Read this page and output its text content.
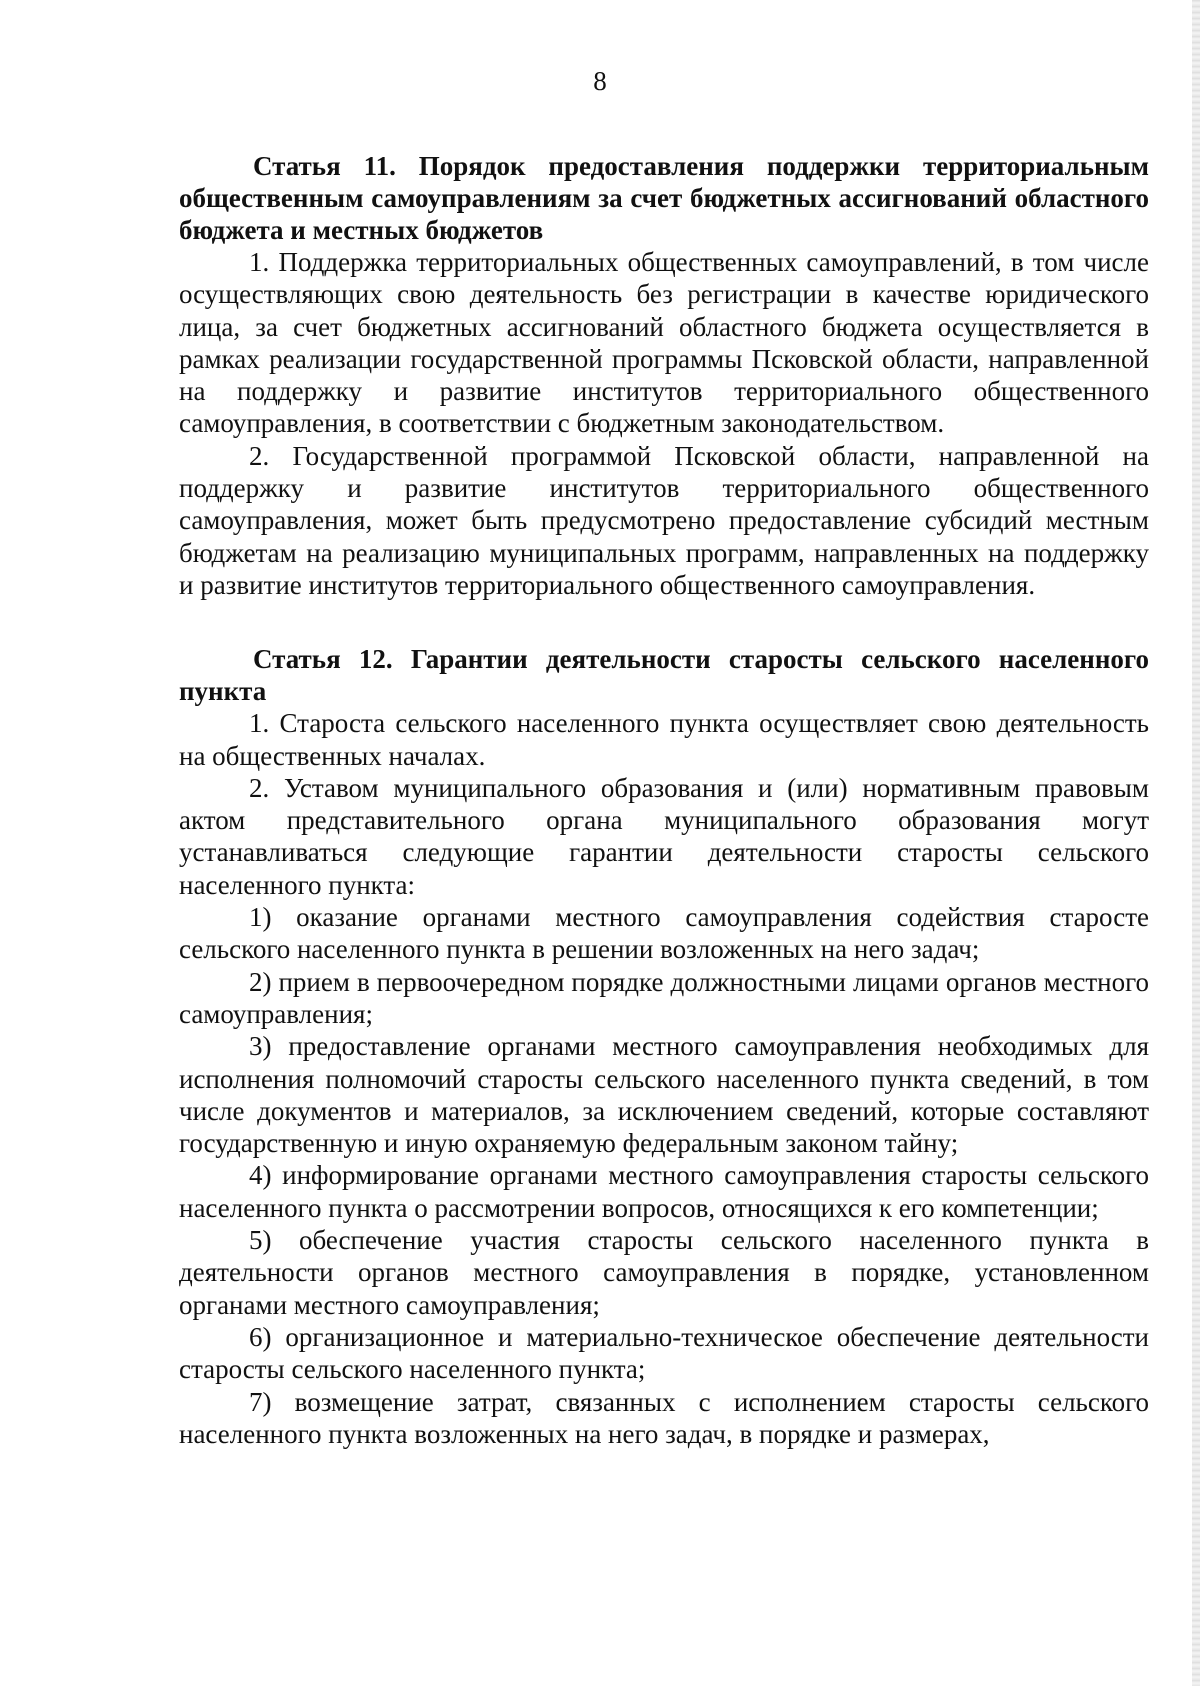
8
Статья 11. Порядок предоставления поддержки территориальным общественным самоуправлениям за счет бюджетных ассигнований областного бюджета и местных бюджетов

1. Поддержка территориальных общественных самоуправлений, в том числе осуществляющих свою деятельность без регистрации в качестве юридического лица, за счет бюджетных ассигнований областного бюджета осуществляется в рамках реализации государственной программы Псковской области, направленной на поддержку и развитие институтов территориального общественного самоуправления, в соответствии с бюджетным законодательством.

2. Государственной программой Псковской области, направленной на поддержку и развитие институтов территориального общественного самоуправления, может быть предусмотрено предоставление субсидий местным бюджетам на реализацию муниципальных программ, направленных на поддержку и развитие институтов территориального общественного самоуправления.

Статья 12. Гарантии деятельности старосты сельского населенного пункта

1. Староста сельского населенного пункта осуществляет свою деятельность на общественных началах.

2. Уставом муниципального образования и (или) нормативным правовым актом представительного органа муниципального образования могут устанавливаться следующие гарантии деятельности старосты сельского населенного пункта:

1) оказание органами местного самоуправления содействия старосте сельского населенного пункта в решении возложенных на него задач;

2) прием в первоочередном порядке должностными лицами органов местного самоуправления;

3) предоставление органами местного самоуправления необходимых для исполнения полномочий старосты сельского населенного пункта сведений, в том числе документов и материалов, за исключением сведений, которые составляют государственную и иную охраняемую федеральным законом тайну;

4) информирование органами местного самоуправления старосты сельского населенного пункта о рассмотрении вопросов, относящихся к его компетенции;

5) обеспечение участия старосты сельского населенного пункта в деятельности органов местного самоуправления в порядке, установленном органами местного самоуправления;

6) организационное и материально-техническое обеспечение деятельности старосты сельского населенного пункта;

7) возмещение затрат, связанных с исполнением старосты сельского населенного пункта возложенных на него задач, в порядке и размерах,
